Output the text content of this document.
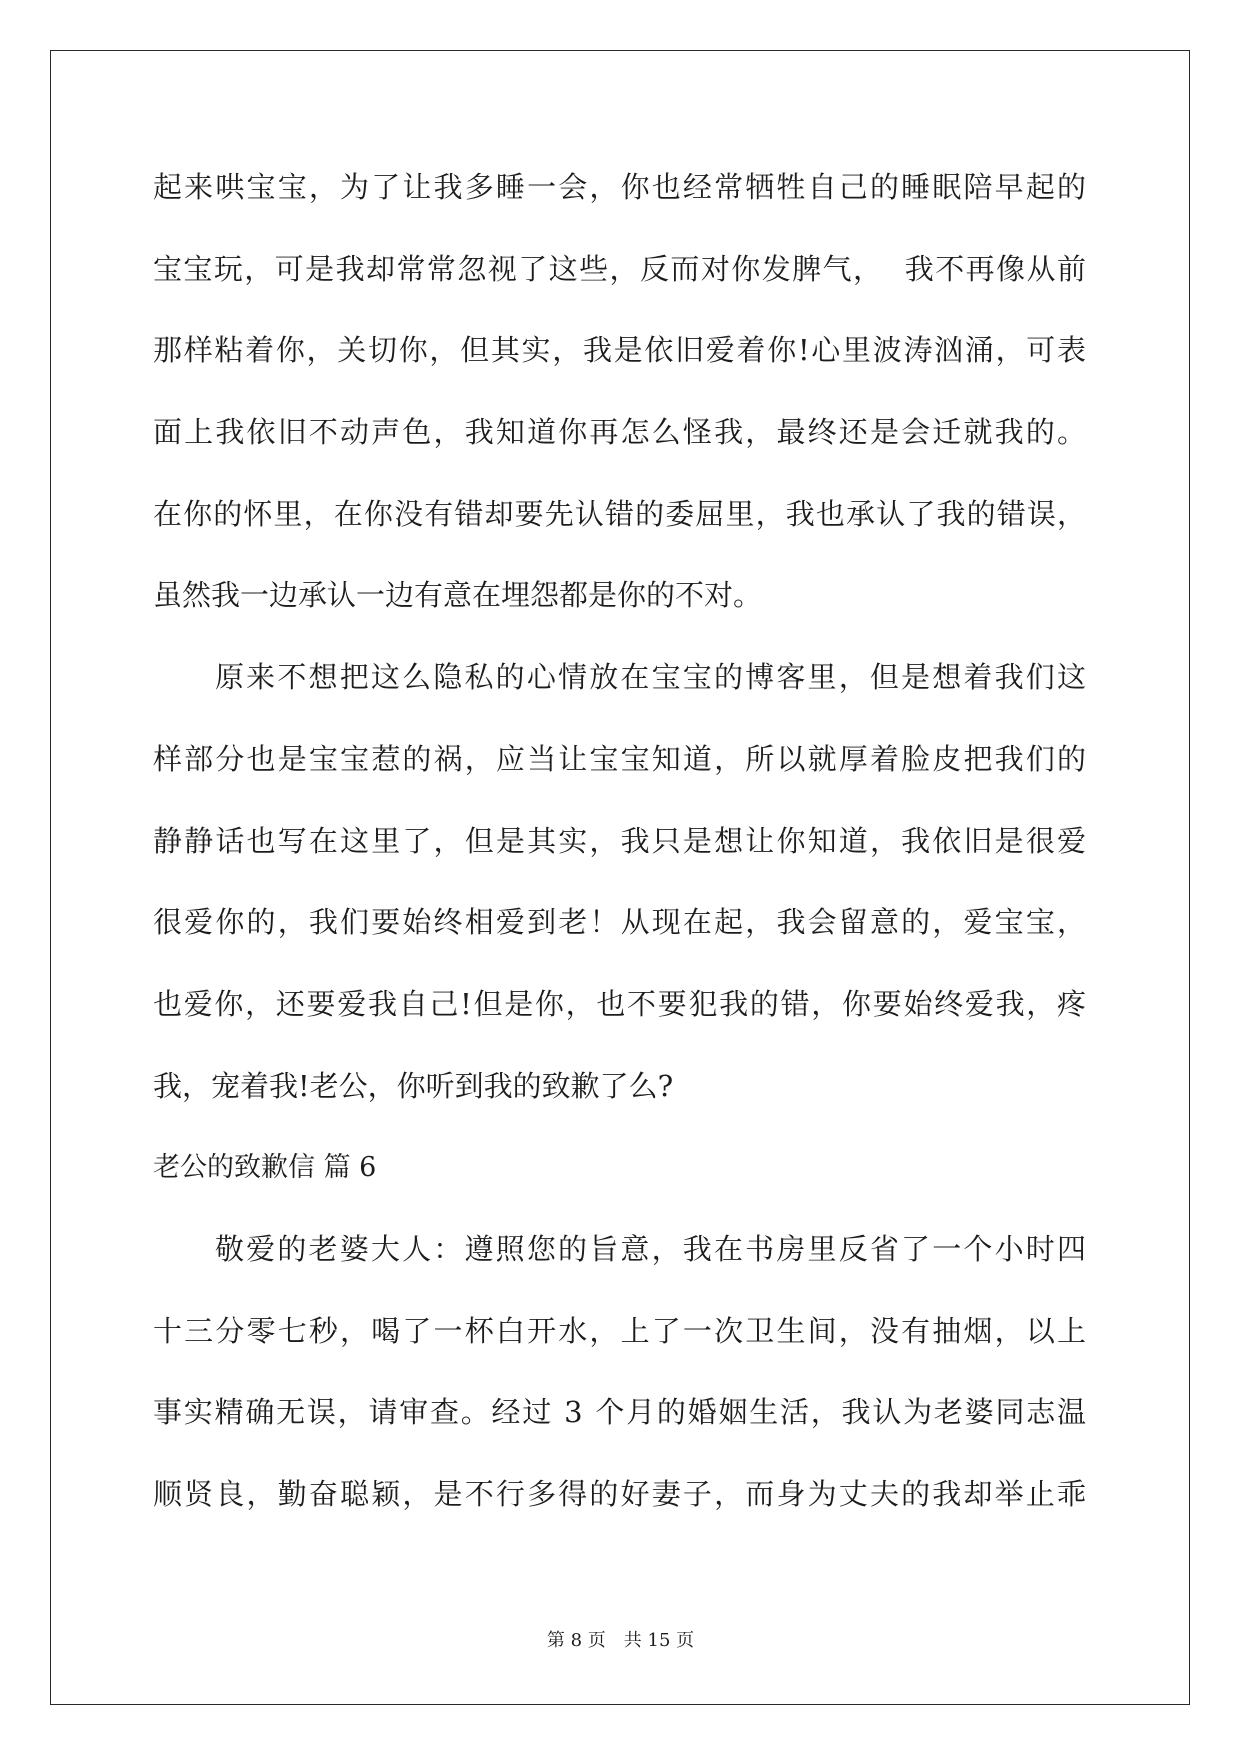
起来哄宝宝，为了让我多睡一会，你也经常牺牲自己的睡眠陪早起的
宝宝玩，可是我却常常忽视了这些，反而对你发脾气，  我不再像从前
那样粘着你，关切你，但其实，我是依旧爱着你!心里波涛汹涌，可表
面上我依旧不动声色，我知道你再怎么怪我，最终还是会迁就我的。
在你的怀里，在你没有错却要先认错的委屈里，我也承认了我的错误，
虽然我一边承认一边有意在埋怨都是你的不对。
原来不想把这么隐私的心情放在宝宝的博客里，但是想着我们这
样部分也是宝宝惹的祸，应当让宝宝知道，所以就厚着脸皮把我们的
静静话也写在这里了，但是其实，我只是想让你知道，我依旧是很爱
很爱你的，我们要始终相爱到老！从现在起，我会留意的，爱宝宝，
也爱你，还要爱我自己!但是你，也不要犯我的错，你要始终爱我，疼
我，宠着我!老公，你听到我的致歉了么?
老公的致歉信 篇 6
敬爱的老婆大人：遵照您的旨意，我在书房里反省了一个小时四
十三分零七秒，喝了一杯白开水，上了一次卫生间，没有抽烟，以上
事实精确无误，请审查。经过 3 个月的婚姻生活，我认为老婆同志温
顺贤良，勤奋聪颖，是不行多得的好妻子，而身为丈夫的我却举止乖
第 8 页　共 15 页
